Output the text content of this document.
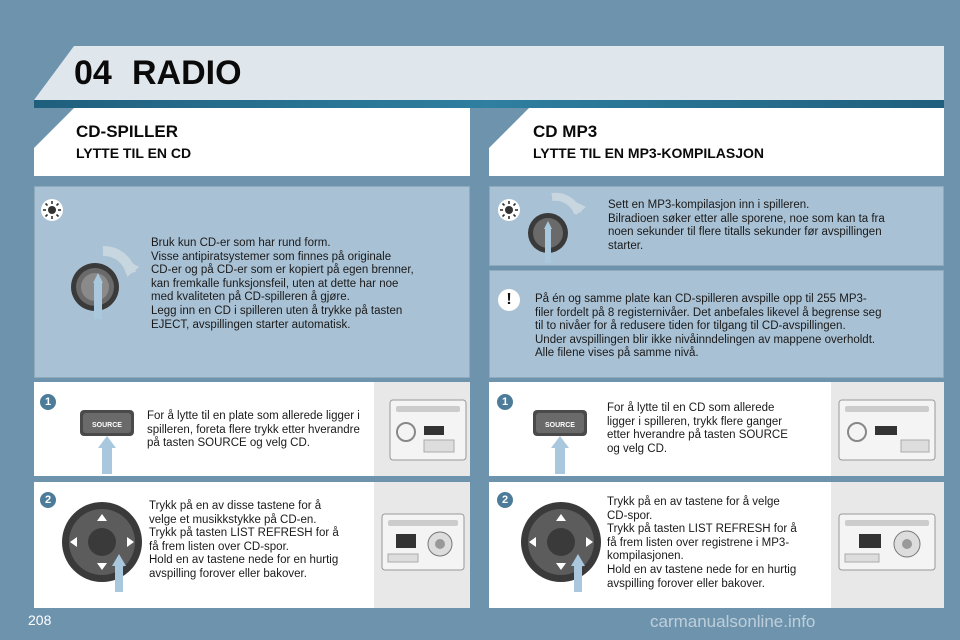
04 RADIO
CD-SPILLER
LYTTE TIL EN CD
Bruk kun CD-er som har rund form.
Visse antipiratsystemer som finnes på originale
CD-er og på CD-er som er kopiert på egen brenner,
kan fremkalle funksjonsfeil, uten at dette har noe
med kvaliteten på CD-spilleren å gjøre.
Legg inn en CD i spilleren uten å trykke på tasten
EJECT, avspillingen starter automatisk.
1
SOURCE
For å lytte til en plate som allerede ligger i
spilleren, foreta flere trykk etter hverandre
på tasten SOURCE og velg CD.
2	Trykk på en av disse tastene for å
velge et musikkstykke på CD-en.
Trykk på tasten LIST REFRESH for å
få frem listen over CD-spor.
Hold en av tastene nede for en hurtig
avspilling forover eller bakover.
CD MP3
LYTTE TIL EN MP3-KOMPILASJON
Sett en MP3-kompilasjon inn i spilleren.
Bilradioen søker etter alle sporene, noe som kan ta fra
noen sekunder til flere titalls sekunder før avspillingen
starter.
!	På én og samme plate kan CD-spilleren avspille opp til 255 MP3-
filer fordelt på 8 registernivåer. Det anbefales likevel å begrense seg
til to nivåer for å redusere tiden for tilgang til CD-avspillingen.
Under avspillingen blir ikke nivåinndelingen av mappene overholdt.
Alle filene vises på samme nivå.
1
SOURCE
For å lytte til en CD som allerede
ligger i spilleren, trykk flere ganger
etter hverandre på tasten SOURCE
og velg CD.
2	Trykk på en av tastene for å velge
CD-spor.
Trykk på tasten LIST REFRESH for å
få frem listen over registrene i MP3-
kompilasjonen.
Hold en av tastene nede for en hurtig
avspilling forover eller bakover.
208	carmanualsonline.info
